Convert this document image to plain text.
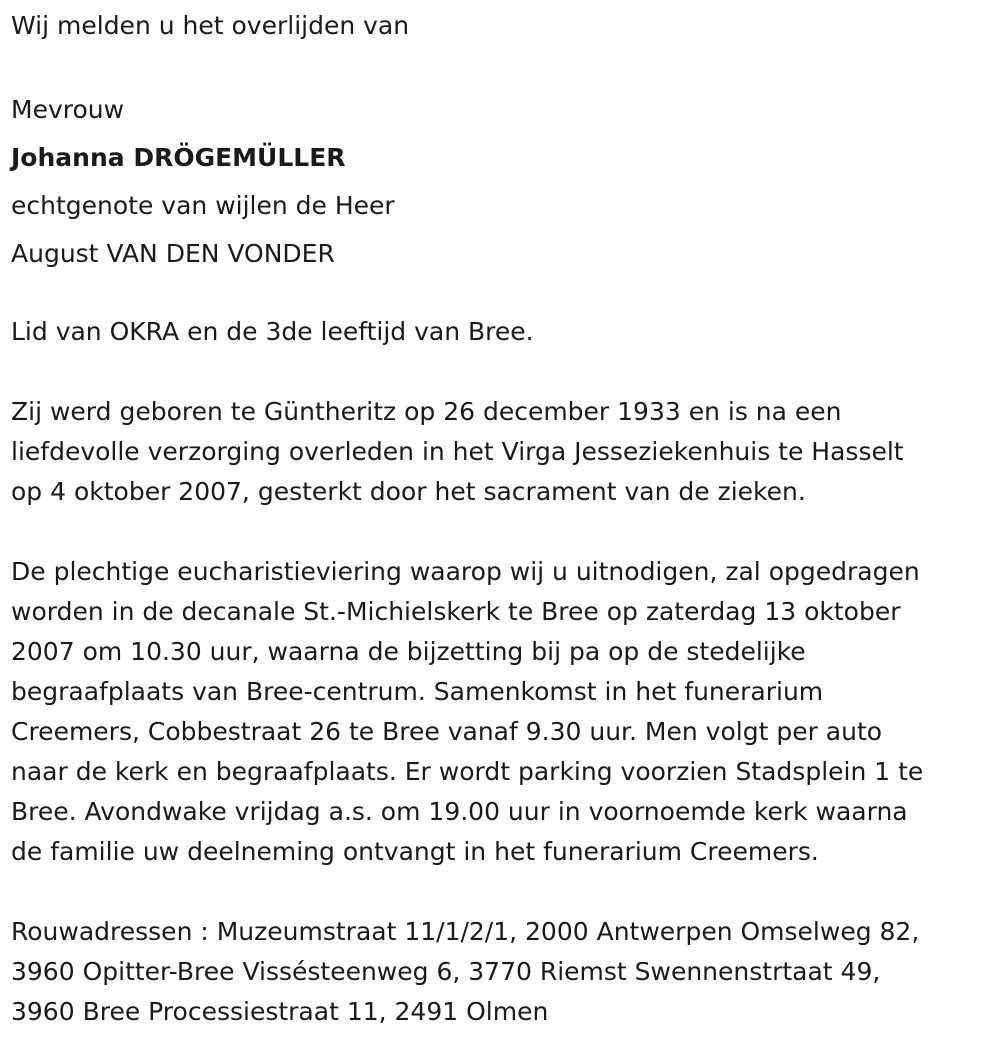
Wij melden u het overlijden van
Mevrouw
Johanna DRÖGEMÜLLER
echtgenote van wijlen de Heer
August VAN DEN VONDER
Lid van OKRA en de 3de leeftijd van Bree.
Zij werd geboren te Güntheritz op 26 december 1933 en is na een
liefdevolle verzorging overleden in het Virga Jesseziekenhuis te Hasselt
op 4 oktober 2007, gesterkt door het sacrament van de zieken.
De plechtige eucharistieviering waarop wij u uitnodigen, zal opgedragen
worden in de decanale St.-Michielskerk te Bree op zaterdag 13 oktober
2007 om 10.30 uur, waarna de bijzetting bij pa op de stedelijke
begraafplaats van Bree-centrum. Samenkomst in het funerarium
Creemers, Cobbestraat 26 te Bree vanaf 9.30 uur. Men volgt per auto
naar de kerk en begraafplaats. Er wordt parking voorzien Stadsplein 1 te
Bree. Avondwake vrijdag a.s. om 19.00 uur in voornoemde kerk waarna
de familie uw deelneming ontvangt in het funerarium Creemers.
Rouwadressen : Muzeumstraat 11/1/2/1, 2000 Antwerpen Omselweg 82,
3960 Opitter-Bree Vissésteenweg 6, 3770 Riemst Swennenstrtaat 49,
3960 Bree Processiestraat 11, 2491 Olmen
